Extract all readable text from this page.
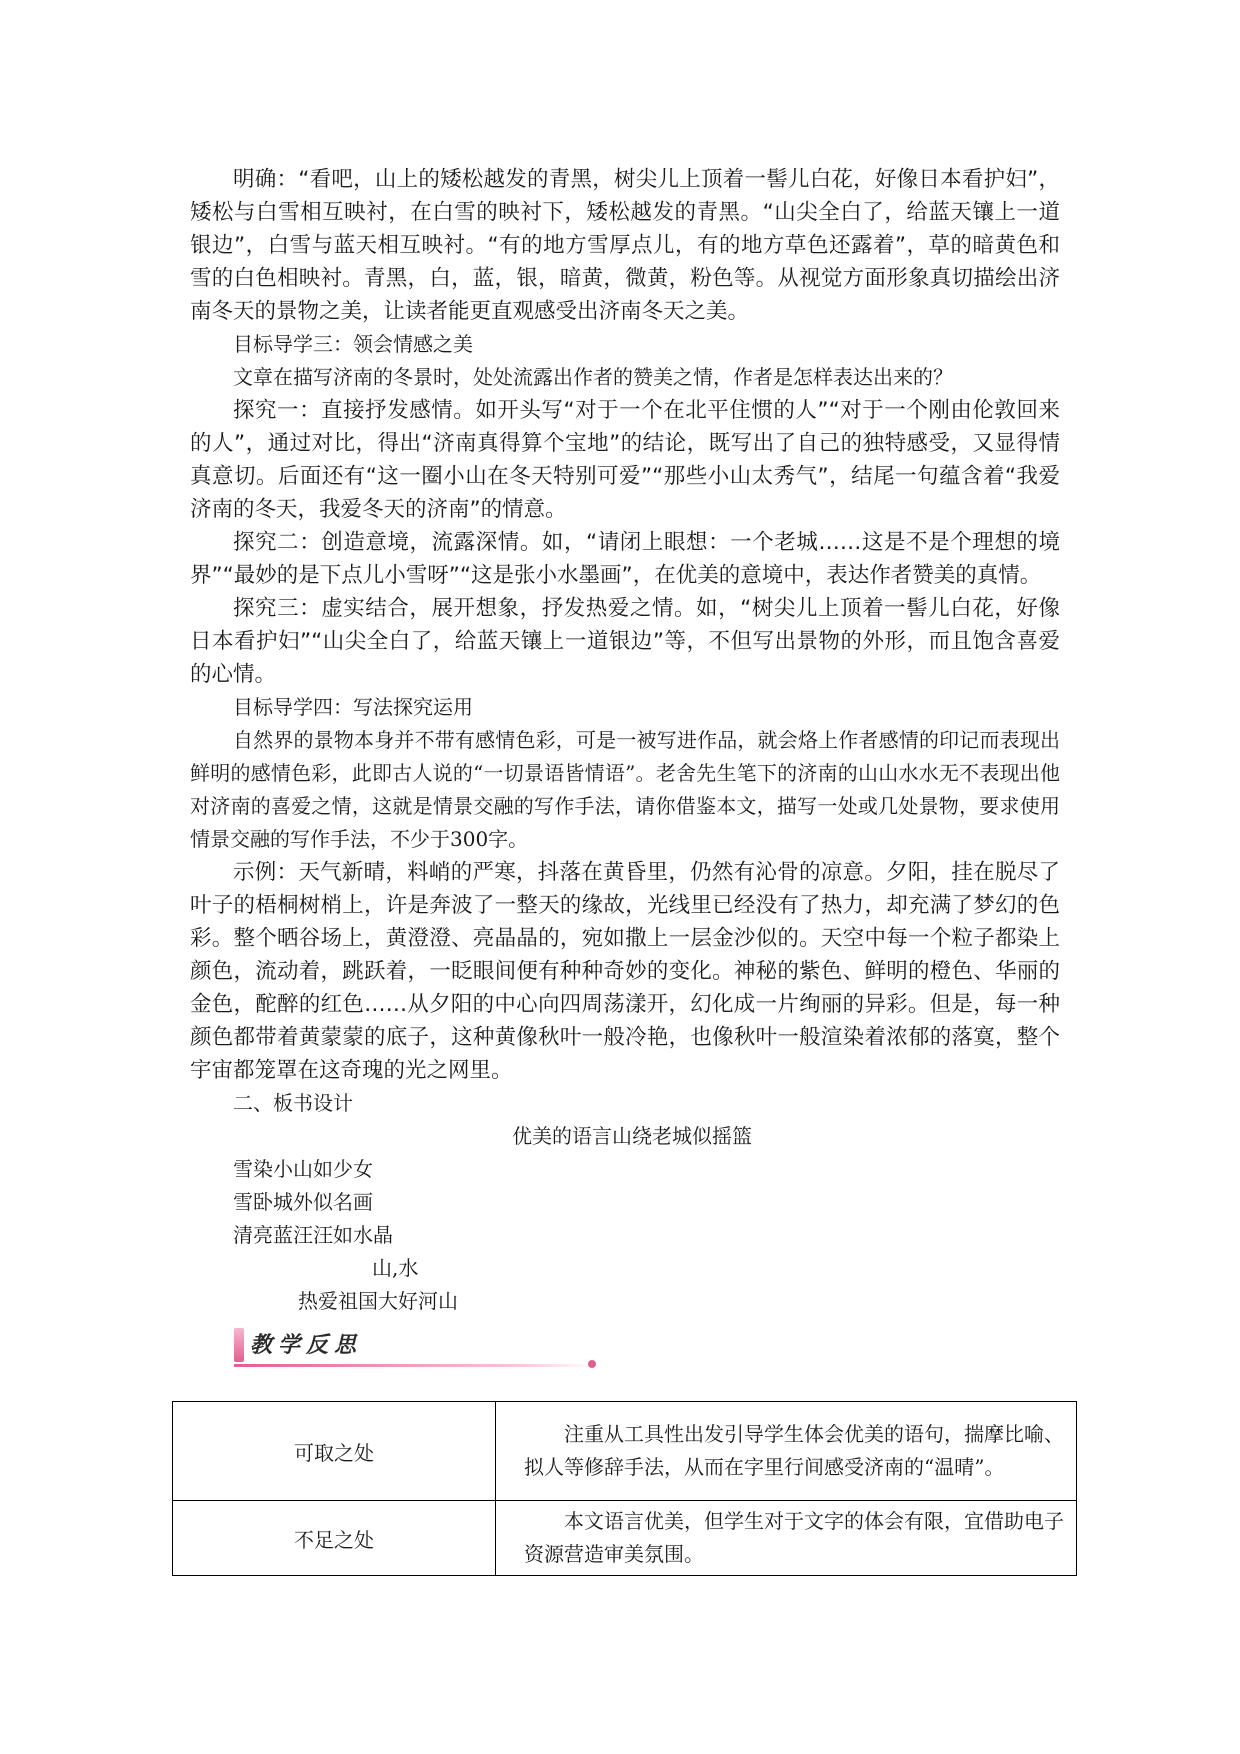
明确：“看吧，山上的矮松越发的青黑，树尖儿上顶着一髻儿白花，好像日本看护妇”，矮松与白雪相互映衬，在白雪的映衬下，矮松越发的青黑。“山尖全白了，给蓝天镶上一道银边”，白雪与蓝天相互映衬。“有的地方雪厚点儿，有的地方草色还露着”，草的暗黄色和雪的白色相映衬。青黑，白，蓝，银，暗黄，微黄，粉色等。从视觉方面形象真切描绘出济南冬天的景物之美，让读者能更直观感受出济南冬天之美。

目标导学三：领会情感之美

文章在描写济南的冬景时，处处流露出作者的赞美之情，作者是怎样表达出来的？

探究一：直接抒发感情。如开头写“对于一个在北平住惯的人”“对于一个刚由伦敦回来的人”，通过对比，得出“济南真得算个宝地”的结论，既写出了自己的独特感受，又显得情真意切。后面还有“这一圈小山在冬天特别可爱”“那些小山太秀气”，结尾一句蕴含着“我爱济南的冬天，我爱冬天的济南”的情意。

探究二：创造意境，流露深情。如，“请闭上眼想：一个老城……这是不是个理想的境界”“最妙的是下点儿小雪呀”“这是张小水墨画”，在优美的意境中，表达作者赞美的真情。

探究三：虚实结合，展开想象，抒发热爱之情。如，“树尖儿上顶着一髻儿白花，好像日本看护妇”“山尖全白了，给蓝天镶上一道银边”等，不但写出景物的外形，而且饱含喜爱的心情。

目标导学四：写法探究运用

自然界的景物本身并不带有感情色彩，可是一被写进作品，就会烙上作者感情的印记而表现出鲜明的感情色彩，此即古人说的“一切景语皆情语”。老舍先生笔下的济南的山山水水无不表现出他对济南的喜爱之情，这就是情景交融的写作手法，请你借鉴本文，描写一处或几处景物，要求使用情景交融的写作手法，不少于300字。

示例：天气新晴，料峭的严寒，抖落在黄昏里，仍然有沁骨的凉意。夕阳，挂在脱尽了叶子的梧桐树梢上，许是奔波了一整天的缘故，光线里已经没有了热力，却充满了梦幻的色彩。整个晒谷场上，黄澄澄、亮晶晶的，宛如撒上一层金沙似的。天空中每一个粒子都染上颜色，流动着，跳跃着，一眨眼间便有种种奇妙的变化。神秘的紫色、鲜明的橙色、华丽的金色，酡醉的红色……从夕阳的中心向四周荡漾开，幻化成一片绚丽的异彩。但是，每一种颜色都带着黄蒙蒙的底子，这种黄像秋叶一般冷艳，也像秋叶一般渲染着浓郁的落寞，整个宇宙都笼罩在这奇瑰的光之网里。

二、板书设计

优美的语言山绕老城似摇篮

雪染小山如少女

雪卧城外似名画

清亮蓝汪汪如水晶

山,水

热爱祖国大好河山

教学反思
可取之处	注重从工具性出发引导学生体会优美的语句，揣摩比喻、拟人等修辞手法，从而在字里行间感受济南的“温晴”。
不足之处	本文语言优美，但学生对于文字的体会有限，宜借助电子资源营造审美氛围。
